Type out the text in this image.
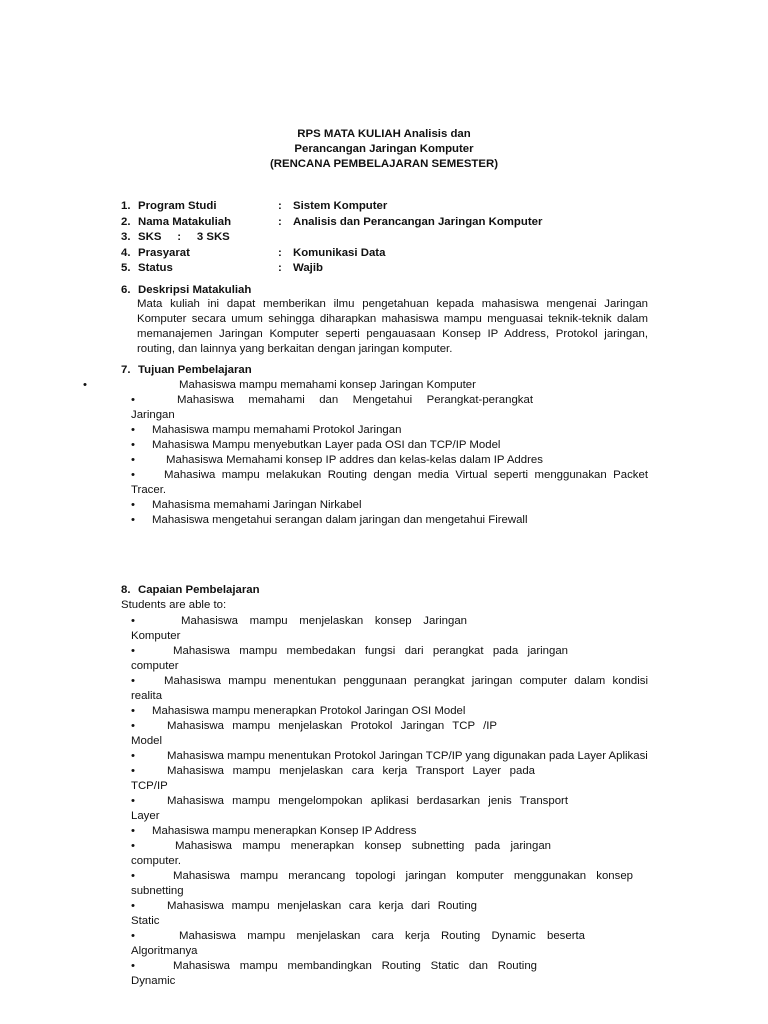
RPS MATA KULIAH Analisis dan
Perancangan Jaringan Komputer
(RENCANA PEMBELAJARAN SEMESTER)
1. Program Studi	: Sistem Komputer
2. Nama Matakuliah	: Analisis dan Perancangan Jaringan Komputer
3. SKS     :     3 SKS
4. Prasyarat	: Komunikasi Data
5. Status	: Wajib
6. Deskripsi Matakuliah
Mata kuliah ini dapat memberikan ilmu pengetahuan kepada mahasiswa mengenai Jaringan Komputer secara umum sehingga diharapkan mahasiswa mampu menguasai teknik-teknik dalam memanajemen Jaringan Komputer seperti pengauasaan Konsep IP Address, Protokol jaringan, routing, dan lainnya yang berkaitan dengan jaringan komputer.
7. Tujuan Pembelajaran
•	Mahasiswa mampu memahami konsep Jaringan Komputer
•	Mahasiswa memahami dan Mengetahui Perangkat-perangkat Jaringan
• Mahasiswa mampu memahami Protokol Jaringan
• Mahasiswa Mampu menyebutkan Layer pada OSI dan TCP/IP Model
•	Mahasiswa Memahami konsep IP addres dan kelas-kelas dalam IP Addres
•	Mahasiwa mampu melakukan Routing dengan media Virtual seperti menggunakan Packet Tracer.
• Mahasisma memahami Jaringan Nirkabel
• Mahasiswa mengetahui serangan dalam jaringan dan mengetahui Firewall
8. Capaian Pembelajaran
Students are able to:
•	Mahasiswa mampu menjelaskan konsep Jaringan Komputer
•	Mahasiswa mampu membedakan fungsi dari perangkat pada jaringan computer
•	Mahasiswa mampu menentukan penggunaan perangkat jaringan computer dalam kondisi realita
• Mahasiswa mampu menerapkan Protokol Jaringan OSI Model
•	Mahasiswa mampu menjelaskan Protokol Jaringan TCP /IP Model
•	Mahasiswa mampu menentukan Protokol Jaringan TCP/IP yang digunakan pada Layer Aplikasi
•	Mahasiswa mampu menjelaskan cara kerja Transport Layer pada TCP/IP
•	Mahasiswa mampu mengelompokan aplikasi berdasarkan jenis Transport Layer
• Mahasiswa mampu menerapkan Konsep IP Address
•	Mahasiswa mampu menerapkan konsep subnetting pada jaringan computer.
•	Mahasiswa mampu merancang topologi jaringan komputer menggunakan konsep subnetting
•	Mahasiswa mampu menjelaskan cara kerja dari Routing Static
•	Mahasiswa mampu menjelaskan cara kerja Routing Dynamic beserta Algoritmanya
•	Mahasiswa mampu membandingkan Routing Static dan Routing Dynamic
